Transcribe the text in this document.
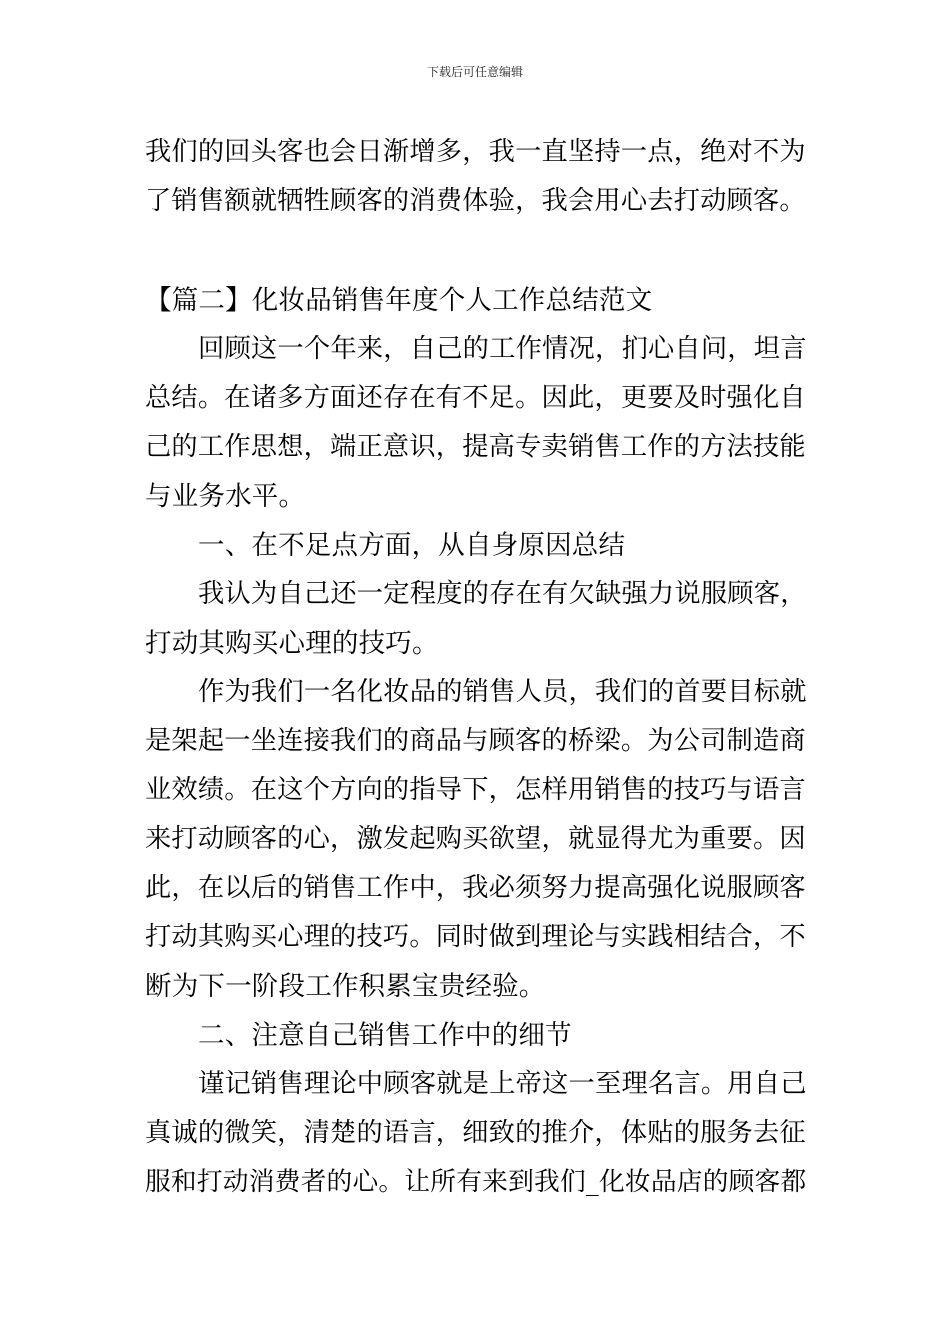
下载后可任意编辑
我们的回头客也会日渐增多，我一直坚持一点，绝对不为
了销售额就牺牲顾客的消费体验，我会用心去打动顾客。
【篇二】化妆品销售年度个人工作总结范文
回顾这一个年来，自己的工作情况，扪心自问，坦言
总结。在诸多方面还存在有不足。因此，更要及时强化自
己的工作思想，端正意识，提高专卖销售工作的方法技能
与业务水平。
一、在不足点方面，从自身原因总结
我认为自己还一定程度的存在有欠缺强力说服顾客，
打动其购买心理的技巧。
作为我们一名化妆品的销售人员，我们的首要目标就
是架起一坐连接我们的商品与顾客的桥梁。为公司制造商
业效绩。在这个方向的指导下，怎样用销售的技巧与语言
来打动顾客的心，激发起购买欲望，就显得尤为重要。因
此，在以后的销售工作中，我必须努力提高强化说服顾客
打动其购买心理的技巧。同时做到理论与实践相结合，不
断为下一阶段工作积累宝贵经验。
二、注意自己销售工作中的细节
谨记销售理论中顾客就是上帝这一至理名言。用自己
真诚的微笑，清楚的语言，细致的推介，体贴的服务去征
服和打动消费者的心。让所有来到我们_化妆品店的顾客都
